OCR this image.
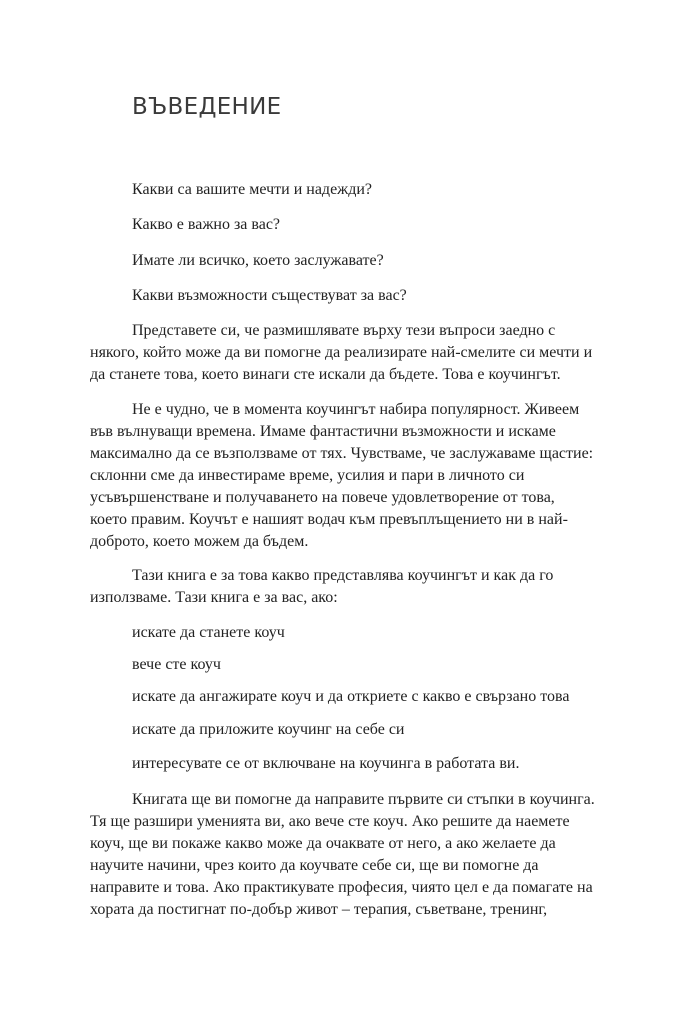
ВЪВЕДЕНИЕ

Какви са вашите мечти и надежди?

Какво е важно за вас?

Имате ли всичко, което заслужавате?

Какви възможности съществуват за вас?

Представете си, че размишлявате върху тези въпроси заедно с

някого, който може да ви помогне да реализирате най-смелите си мечти и

да станете това, което винаги сте искали да бъдете. Това е коучингът.

Не е чудно, че в момента коучингът набира популярност. Живеем

във вълнуващи времена. Имаме фантастични възможности и искаме

максимално да се възползваме от тях. Чувстваме, че заслужаваме щастие:

склонни сме да инвестираме време, усилия и пари в личното си

усъвършенстване и получаването на повече удовлетворение от това,

което правим. Коучът е нашият водач към превъплъщението ни в най-

доброто, което можем да бъдем.

Тази книга е за това какво представлява коучингът и как да го

използваме. Тази книга е за вас, ако:

искате да станете коуч

вече сте коуч

искате да ангажирате коуч и да откриете с какво е свързано това

искате да приложите коучинг на себе си

интересувате се от включване на коучинга в работата ви.

Книгата ще ви помогне да направите първите си стъпки в коучинга.

Тя ще разшири уменията ви, ако вече сте коуч. Ако решите да наемете

коуч, ще ви покаже какво може да очаквате от него, а ако желаете да

научите начини, чрез които да коучвате себе си, ще ви помогне да

направите и това. Ако практикувате професия, чиято цел е да помагате на

хората да постигнат по-добър живот – терапия, съветване, тренинг,
